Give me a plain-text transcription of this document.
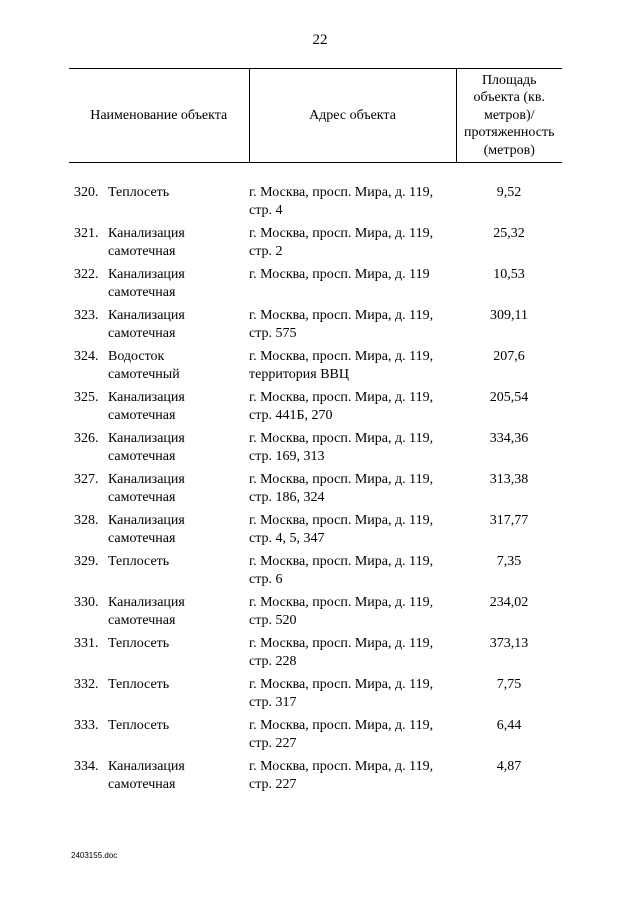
22
Наименование объекта	Адрес объекта	Площадь объекта (кв. метров)/ протяженность (метров)

320. Теплосеть	г. Москва, просп. Мира, д. 119, стр. 4	9,52

321. Канализация самотечная	г. Москва, просп. Мира, д. 119, стр. 2	25,32

322. Канализация самотечная	г. Москва, просп. Мира, д. 119	10,53

323. Канализация самотечная	г. Москва, просп. Мира, д. 119, стр. 575	309,11

324. Водосток самотечный	г. Москва, просп. Мира, д. 119, территория ВВЦ	207,6

325. Канализация самотечная	г. Москва, просп. Мира, д. 119, стр. 441Б, 270	205,54

326. Канализация самотечная	г. Москва, просп. Мира, д. 119, стр. 169, 313	334,36

327. Канализация самотечная	г. Москва, просп. Мира, д. 119, стр. 186, 324	313,38

328. Канализация самотечная	г. Москва, просп. Мира, д. 119, стр. 4, 5, 347	317,77

329. Теплосеть	г. Москва, просп. Мира, д. 119, стр. 6	7,35

330. Канализация самотечная	г. Москва, просп. Мира, д. 119, стр. 520	234,02

331. Теплосеть	г. Москва, просп. Мира, д. 119, стр. 228	373,13

332. Теплосеть	г. Москва, просп. Мира, д. 119, стр. 317	7,75

333. Теплосеть	г. Москва, просп. Мира, д. 119, стр. 227	6,44

334. Канализация самотечная	г. Москва, просп. Мира, д. 119, стр. 227	4,87
2403155.doc
